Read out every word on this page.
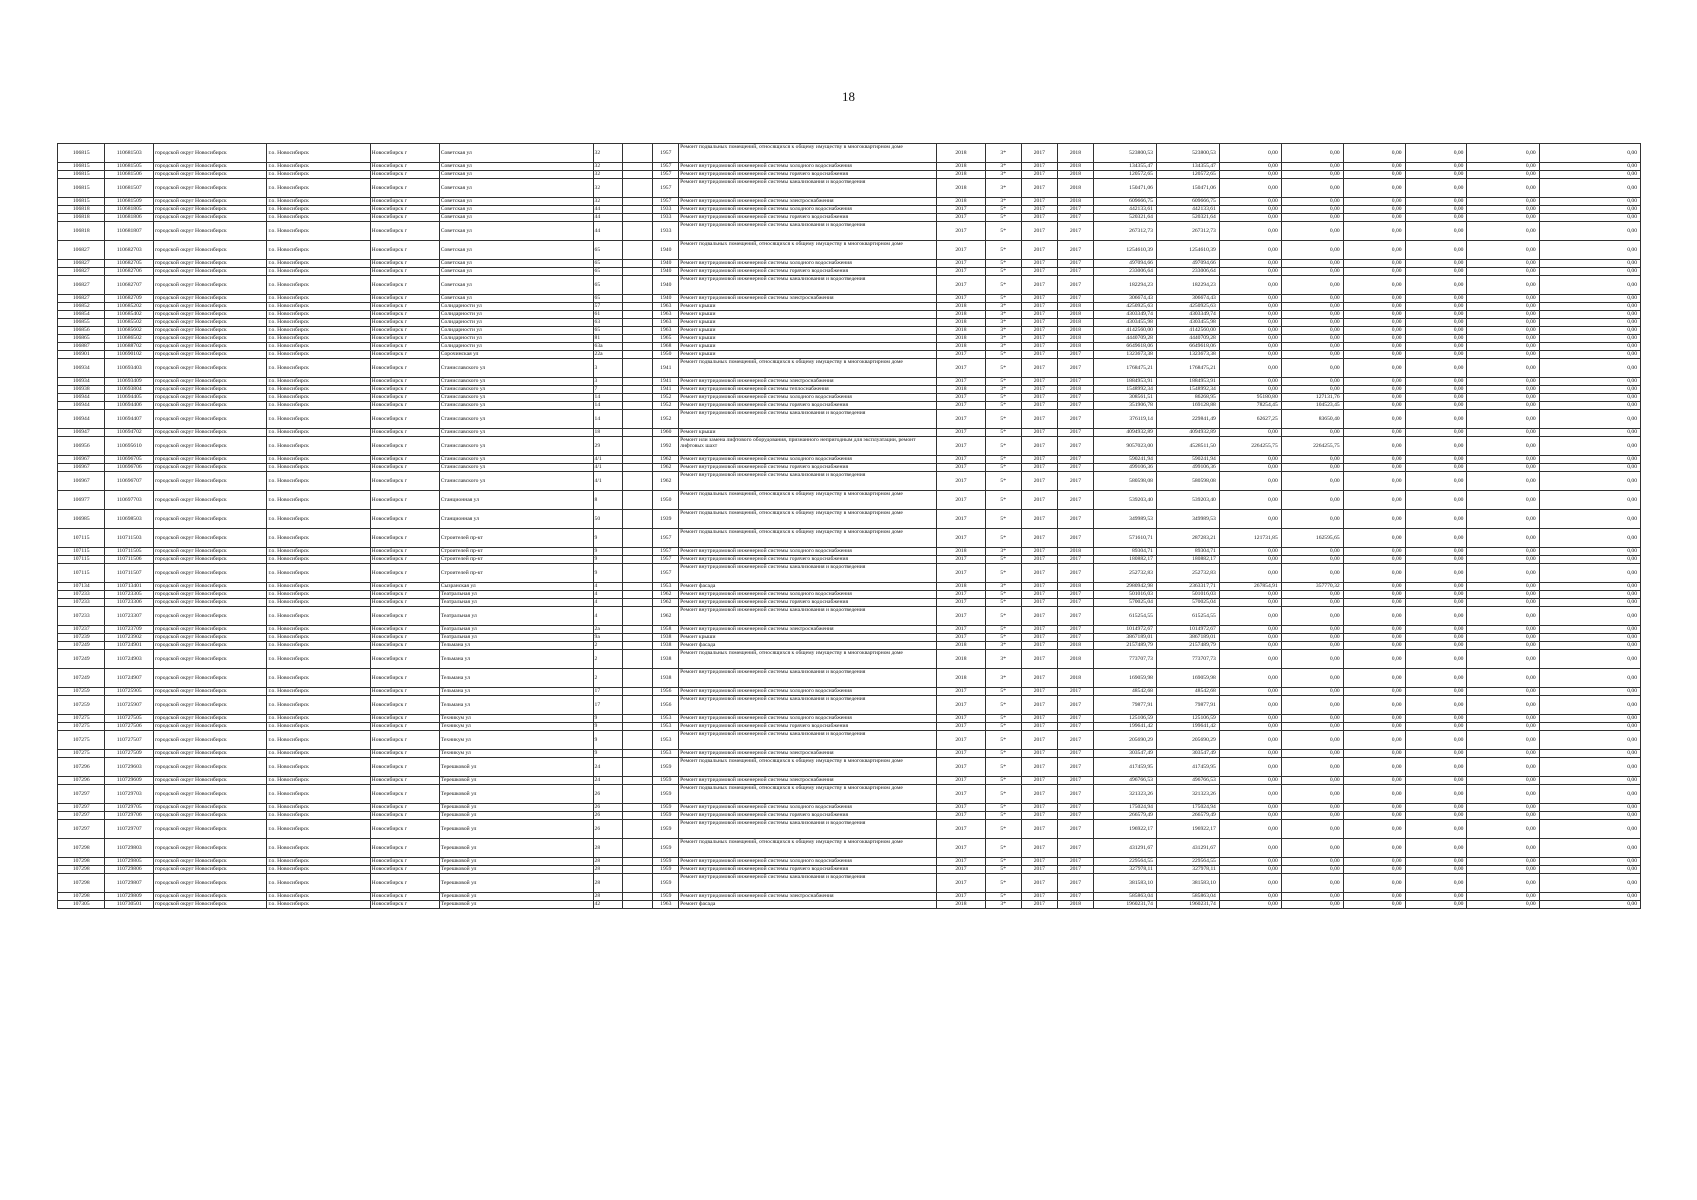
18
106815	110681503	городской округ Новосибирск	г.о. Новосибирск	Новосибирск г	Советская ул	32		1957	Ремонт подвальных помещений, относящихся к общему имуществу в многоквартирном доме	2018	3*	2017	2018	523800,53	523800,53	0,00	0,00	0,00	0,00	0,00	0,00
106815	110681505	городской округ Новосибирск	г.о. Новосибирск	Новосибирск г	Советская ул	32		1957	Ремонт внутридомовой инженерной системы холодного водоснабжения	2018	3*	2017	2018	134355,47	134355,47	0,00	0,00	0,00	0,00	0,00	0,00
106815	110681506	городской округ Новосибирск	г.о. Новосибирск	Новосибирск г	Советская ул	32		1957	Ремонт внутридомовой инженерной системы горячего водоснабжения	2018	3*	2017	2018	120572,65	120572,65	0,00	0,00	0,00	0,00	0,00	0,00
106815	110681507	городской округ Новосибирск	г.о. Новосибирск	Новосибирск г	Советская ул	32		1957	Ремонт внутридомовой инженерной системы канализования и водоотведения	2018	3*	2017	2018	150471,06	150471,06	0,00	0,00	0,00	0,00	0,00	0,00
106815	110681509	городской округ Новосибирск	г.о. Новосибирск	Новосибирск г	Советская ул	32		1957	Ремонт внутридомовой инженерной системы электроснабжения	2018	3*	2017	2018	609666,75	609666,75	0,00	0,00	0,00	0,00	0,00	0,00
106818	110681805	городской округ Новосибирск	г.о. Новосибирск	Новосибирск г	Советская ул	44		1933	Ремонт внутридомовой инженерной системы холодного водоснабжения	2017	5*	2017	2017	442133,61	442133,61	0,00	0,00	0,00	0,00	0,00	0,00
106818	110681806	городской округ Новосибирск	г.о. Новосибирск	Новосибирск г	Советская ул	44		1933	Ремонт внутридомовой инженерной системы горячего водоснабжения	2017	5*	2017	2017	520321,64	520321,64	0,00	0,00	0,00	0,00	0,00	0,00
106818	110681807	городской округ Новосибирск	г.о. Новосибирск	Новосибирск г	Советская ул	44		1933	Ремонт внутридомовой инженерной системы канализования и водоотведения	2017	5*	2017	2017	267312,73	267312,73	0,00	0,00	0,00	0,00	0,00	0,00
106827	110682703	городской округ Новосибирск	г.о. Новосибирск	Новосибирск г	Советская ул	65		1940	Ремонт подвальных помещений, относящихся к общему имуществу в многоквартирном доме	2017	5*	2017	2017	1254610,39	1254610,39	0,00	0,00	0,00	0,00	0,00	0,00
106827	110682705	городской округ Новосибирск	г.о. Новосибирск	Новосибирск г	Советская ул	65		1940	Ремонт внутридомовой инженерной системы холодного водоснабжения	2017	5*	2017	2017	497094,66	497094,66	0,00	0,00	0,00	0,00	0,00	0,00
106827	110682706	городской округ Новосибирск	г.о. Новосибирск	Новосибирск г	Советская ул	65		1940	Ремонт внутридомовой инженерной системы горячего водоснабжения	2017	5*	2017	2017	233006,64	233006,64	0,00	0,00	0,00	0,00	0,00	0,00
106827	110682707	городской округ Новосибирск	г.о. Новосибирск	Новосибирск г	Советская ул	65		1940	Ремонт внутридомовой инженерной системы канализования и водоотведения	2017	5*	2017	2017	182294,23	182294,23	0,00	0,00	0,00	0,00	0,00	0,00
106827	110682709	городской округ Новосибирск	г.о. Новосибирск	Новосибирск г	Советская ул	65		1940	Ремонт внутридомовой инженерной системы электроснабжения	2017	5*	2017	2017	306674,43	306674,43	0,00	0,00	0,00	0,00	0,00	0,00
106852	110685202	городской округ Новосибирск	г.о. Новосибирск	Новосибирск г	Солидарности ул	57		1963	Ремонт крыши	2018	3*	2017	2018	4250925,63	4250925,63	0,00	0,00	0,00	0,00	0,00	0,00
106854	110685402	городской округ Новосибирск	г.о. Новосибирск	Новосибирск г	Солидарности ул	61		1963	Ремонт крыши	2018	3*	2017	2018	4303349,74	4303349,74	0,00	0,00	0,00	0,00	0,00	0,00
106855	110685502	городской округ Новосибирск	г.о. Новосибирск	Новосибирск г	Солидарности ул	63		1963	Ремонт крыши	2018	3*	2017	2018	4303455,98	4303455,98	0,00	0,00	0,00	0,00	0,00	0,00
106856	110685602	городской округ Новосибирск	г.о. Новосибирск	Новосибирск г	Солидарности ул	65		1963	Ремонт крыши	2018	3*	2017	2018	4142560,00	4142560,00	0,00	0,00	0,00	0,00	0,00	0,00
106865	110686502	городской округ Новосибирск	г.о. Новосибирск	Новосибирск г	Солидарности ул	81		1965	Ремонт крыши	2018	3*	2017	2018	4440709,28	4440709,28	0,00	0,00	0,00	0,00	0,00	0,00
106887	110688702	городской округ Новосибирск	г.о. Новосибирск	Новосибирск г	Солидарности ул	63а		1968	Ремонт крыши	2018	3*	2017	2018	6649618,06	6649618,06	0,00	0,00	0,00	0,00	0,00	0,00
106901	110690102	городской округ Новосибирск	г.о. Новосибирск	Новосибирск г	Сорочинская ул	22а		1950	Ремонт крыши	2017	5*	2017	2017	1323673,38	1323673,38	0,00	0,00	0,00	0,00	0,00	0,00
106934	110693403	городской округ Новосибирск	г.о. Новосибирск	Новосибирск г	Станиславского ул	3		1941	Ремонт подвальных помещений, относящихся к общему имуществу в многоквартирном доме	2017	5*	2017	2017	1768475,21	1768475,21	0,00	0,00	0,00	0,00	0,00	0,00
106934	110693409	городской округ Новосибирск	г.о. Новосибирск	Новосибирск г	Станиславского ул	3		1941	Ремонт внутридомовой инженерной системы электроснабжения	2017	5*	2017	2017	1884953,91	1884953,91	0,00	0,00	0,00	0,00	0,00	0,00
106938	110693804	городской округ Новосибирск	г.о. Новосибирск	Новосибирск г	Станиславского ул	7		1941	Ремонт внутридомовой инженерной системы теплоснабжения	2018	3*	2017	2018	1548992,34	1548992,34	0,00	0,00	0,00	0,00	0,00	0,00
106944	110694405	городской округ Новосибирск	г.о. Новосибирск	Новосибирск г	Станиславского ул	14		1952	Ремонт внутридомовой инженерной системы холодного водоснабжения	2017	5*	2017	2017	308561,51	86268,95	95180,80	127131,76	0,00	0,00	0,00	0,00
106944	110694406	городской округ Новосибирск	г.о. Новосибирск	Новосибирск г	Станиславского ул	14		1952	Ремонт внутридомовой инженерной системы горячего водоснабжения	2017	5*	2017	2017	351906,78	169128,88	78254,45	104523,45	0,00	0,00	0,00	0,00
106944	110694407	городской округ Новосибирск	г.о. Новосибирск	Новосибирск г	Станиславского ул	14		1952	Ремонт внутридомовой инженерной системы канализования и водоотведения	2017	5*	2017	2017	376119,14	229841,49	62627,25	83650,40	0,00	0,00	0,00	0,00
106947	110694702	городской округ Новосибирск	г.о. Новосибирск	Новосибирск г	Станиславского ул	18		1960	Ремонт крыши	2017	5*	2017	2017	4094932,89	4094932,89	0,00	0,00	0,00	0,00	0,00	0,00
106956	110695610	городской округ Новосибирск	г.о. Новосибирск	Новосибирск г	Станиславского ул	29		1992	Ремонт или замена лифтового оборудования, признанного непригодным для эксплуатации, ремонт лифтовых шахт	2017	5*	2017	2017	9057023,00	4528511,50	2264255,75	2264255,75	0,00	0,00	0,00	0,00
106967	110696705	городской округ Новосибирск	г.о. Новосибирск	Новосибирск г	Станиславского ул	4/1		1962	Ремонт внутридомовой инженерной системы холодного водоснабжения	2017	5*	2017	2017	590241,94	590241,94	0,00	0,00	0,00	0,00	0,00	0,00
106967	110696706	городской округ Новосибирск	г.о. Новосибирск	Новосибирск г	Станиславского ул	4/1		1962	Ремонт внутридомовой инженерной системы горячего водоснабжения	2017	5*	2017	2017	499106,36	499106,36	0,00	0,00	0,00	0,00	0,00	0,00
106967	110696707	городской округ Новосибирск	г.о. Новосибирск	Новосибирск г	Станиславского ул	4/1		1962	Ремонт внутридомовой инженерной системы канализования и водоотведения	2017	5*	2017	2017	580598,08	580598,08	0,00	0,00	0,00	0,00	0,00	0,00
106977	110697703	городской округ Новосибирск	г.о. Новосибирск	Новосибирск г	Станционная ул	8		1950	Ремонт подвальных помещений, относящихся к общему имуществу в многоквартирном доме	2017	5*	2017	2017	539203,40	539203,40	0,00	0,00	0,00	0,00	0,00	0,00
106985	110698503	городской округ Новосибирск	г.о. Новосибирск	Новосибирск г	Станционная ул	50		1939	Ремонт подвальных помещений, относящихся к общему имуществу в многоквартирном доме	2017	5*	2017	2017	349989,53	349989,53	0,00	0,00	0,00	0,00	0,00	0,00
107115	110711503	городской округ Новосибирск	г.о. Новосибирск	Новосибирск г	Строителей пр-кт	9		1957	Ремонт подвальных помещений, относящихся к общему имуществу в многоквартирном доме	2017	5*	2017	2017	571610,71	287283,21	121731,85	162595,65	0,00	0,00	0,00	0,00
107115	110711505	городской округ Новосибирск	г.о. Новосибирск	Новосибирск г	Строителей пр-кт	9		1957	Ремонт внутридомовой инженерной системы холодного водоснабжения	2018	3*	2017	2018	89304,71	89304,71	0,00	0,00	0,00	0,00	0,00	0,00
107115	110711506	городской округ Новосибирск	г.о. Новосибирск	Новосибирск г	Строителей пр-кт	9		1957	Ремонт внутридомовой инженерной системы горячего водоснабжения	2017	5*	2017	2017	180882,17	180882,17	0,00	0,00	0,00	0,00	0,00	0,00
107115	110711507	городской округ Новосибирск	г.о. Новосибирск	Новосибирск г	Строителей пр-кт	9		1957	Ремонт внутридомовой инженерной системы канализования и водоотведения	2017	5*	2017	2017	252732,83	252732,83	0,00	0,00	0,00	0,00	0,00	0,00
107134	110713401	городской округ Новосибирск	г.о. Новосибирск	Новосибирск г	Сызранская ул	4		1953	Ремонт фасада	2018	3*	2017	2018	2980942,98	2363317,71	267854,91	357770,32	0,00	0,00	0,00	0,00
107233	110723305	городской округ Новосибирск	г.о. Новосибирск	Новосибирск г	Театральная ул	4		1962	Ремонт внутридомовой инженерной системы холодного водоснабжения	2017	5*	2017	2017	501016,03	501016,03	0,00	0,00	0,00	0,00	0,00	0,00
107233	110723306	городской округ Новосибирск	г.о. Новосибирск	Новосибирск г	Театральная ул	4		1962	Ремонт внутридомовой инженерной системы горячего водоснабжения	2017	5*	2017	2017	570025,04	570025,04	0,00	0,00	0,00	0,00	0,00	0,00
107233	110723307	городской округ Новосибирск	г.о. Новосибирск	Новосибирск г	Театральная ул	4		1962	Ремонт внутридомовой инженерной системы канализования и водоотведения	2017	5*	2017	2017	615254,55	615254,55	0,00	0,00	0,00	0,00	0,00	0,00
107237	110723709	городской округ Новосибирск	г.о. Новосибирск	Новосибирск г	Театральная ул	2а		1958	Ремонт внутридомовой инженерной системы электроснабжения	2017	5*	2017	2017	1014972,67	1014972,67	0,00	0,00	0,00	0,00	0,00	0,00
107239	110723902	городской округ Новосибирск	г.о. Новосибирск	Новосибирск г	Театральная ул	9а		1938	Ремонт крыши	2017	5*	2017	2017	3867189,01	3867189,01	0,00	0,00	0,00	0,00	0,00	0,00
107249	110724901	городской округ Новосибирск	г.о. Новосибирск	Новосибирск г	Тельмана ул	2		1938	Ремонт фасада	2018	3*	2017	2018	2157489,79	2157489,79	0,00	0,00	0,00	0,00	0,00	0,00
107249	110724903	городской округ Новосибирск	г.о. Новосибирск	Новосибирск г	Тельмана ул	2		1938	Ремонт подвальных помещений, относящихся к общему имуществу в многоквартирном доме	2018	3*	2017	2018	773707,73	773707,73	0,00	0,00	0,00	0,00	0,00	0,00
107249	110724907	городской округ Новосибирск	г.о. Новосибирск	Новосибирск г	Тельмана ул	2		1938	Ремонт внутридомовой инженерной системы канализования и водоотведения	2018	3*	2017	2018	169059,98	169059,98	0,00	0,00	0,00	0,00	0,00	0,00
107259	110725905	городской округ Новосибирск	г.о. Новосибирск	Новосибирск г	Тельмана ул	17		1956	Ремонт внутридомовой инженерной системы холодного водоснабжения	2017	5*	2017	2017	48542,68	48542,68	0,00	0,00	0,00	0,00	0,00	0,00
107259	110725907	городской округ Новосибирск	г.о. Новосибирск	Новосибирск г	Тельмана ул	17		1956	Ремонт внутридомовой инженерной системы канализования и водоотведения	2017	5*	2017	2017	79877,91	79877,91	0,00	0,00	0,00	0,00	0,00	0,00
107275	110727505	городской округ Новосибирск	г.о. Новосибирск	Новосибирск г	Техникум ул	9		1953	Ремонт внутридомовой инженерной системы холодного водоснабжения	2017	5*	2017	2017	125106,59	125106,59	0,00	0,00	0,00	0,00	0,00	0,00
107275	110727506	городской округ Новосибирск	г.о. Новосибирск	Новосибирск г	Техникум ул	9		1953	Ремонт внутридомовой инженерной системы горячего водоснабжения	2017	5*	2017	2017	199641,42	199641,42	0,00	0,00	0,00	0,00	0,00	0,00
107275	110727507	городской округ Новосибирск	г.о. Новосибирск	Новосибирск г	Техникум ул	9		1953	Ремонт внутридомовой инженерной системы канализования и водоотведения	2017	5*	2017	2017	205690,29	205690,29	0,00	0,00	0,00	0,00	0,00	0,00
107275	110727509	городской округ Новосибирск	г.о. Новосибирск	Новосибирск г	Техникум ул	9		1953	Ремонт внутридомовой инженерной системы электроснабжения	2017	5*	2017	2017	303547,49	303547,49	0,00	0,00	0,00	0,00	0,00	0,00
107296	110729603	городской округ Новосибирск	г.о. Новосибирск	Новосибирск г	Терешковой ул	24		1959	Ремонт подвальных помещений, относящихся к общему имуществу в многоквартирном доме	2017	5*	2017	2017	417459,95	417459,95	0,00	0,00	0,00	0,00	0,00	0,00
107296	110729609	городской округ Новосибирск	г.о. Новосибирск	Новосибирск г	Терешковой ул	24		1959	Ремонт внутридомовой инженерной системы электроснабжения	2017	5*	2017	2017	496766,53	496766,53	0,00	0,00	0,00	0,00	0,00	0,00
107297	110729703	городской округ Новосибирск	г.о. Новосибирск	Новосибирск г	Терешковой ул	26		1959	Ремонт подвальных помещений, относящихся к общему имуществу в многоквартирном доме	2017	5*	2017	2017	321323,26	321323,26	0,00	0,00	0,00	0,00	0,00	0,00
107297	110729705	городской округ Новосибирск	г.о. Новосибирск	Новосибирск г	Терешковой ул	26		1959	Ремонт внутридомовой инженерной системы холодного водоснабжения	2017	5*	2017	2017	175024,94	175024,94	0,00	0,00	0,00	0,00	0,00	0,00
107297	110729706	городской округ Новосибирск	г.о. Новосибирск	Новосибирск г	Терешковой ул	26		1959	Ремонт внутридомовой инженерной системы горячего водоснабжения	2017	5*	2017	2017	266579,49	266579,49	0,00	0,00	0,00	0,00	0,00	0,00
107297	110729707	городской округ Новосибирск	г.о. Новосибирск	Новосибирск г	Терешковой ул	26		1959	Ремонт внутридомовой инженерной системы канализования и водоотведения	2017	5*	2017	2017	196922,17	196922,17	0,00	0,00	0,00	0,00	0,00	0,00
107298	110729803	городской округ Новосибирск	г.о. Новосибирск	Новосибирск г	Терешковой ул	28		1959	Ремонт подвальных помещений, относящихся к общему имуществу в многоквартирном доме	2017	5*	2017	2017	431291,67	431291,67	0,00	0,00	0,00	0,00	0,00	0,00
107298	110729805	городской округ Новосибирск	г.о. Новосибирск	Новосибирск г	Терешковой ул	28		1959	Ремонт внутридомовой инженерной системы холодного водоснабжения	2017	5*	2017	2017	229564,55	229564,55	0,00	0,00	0,00	0,00	0,00	0,00
107298	110729806	городской округ Новосибирск	г.о. Новосибирск	Новосибирск г	Терешковой ул	28		1959	Ремонт внутридомовой инженерной системы горячего водоснабжения	2017	5*	2017	2017	327978,11	327978,11	0,00	0,00	0,00	0,00	0,00	0,00
107298	110729807	городской округ Новосибирск	г.о. Новосибирск	Новосибирск г	Терешковой ул	28		1959	Ремонт внутридомовой инженерной системы канализования и водоотведения	2017	5*	2017	2017	381583,10	381583,10	0,00	0,00	0,00	0,00	0,00	0,00
107298	110729809	городской округ Новосибирск	г.о. Новосибирск	Новосибирск г	Терешковой ул	28		1959	Ремонт внутридомовой инженерной системы электроснабжения	2017	5*	2017	2017	585863,04	585863,04	0,00	0,00	0,00	0,00	0,00	0,00
107305	110730501	городской округ Новосибирск	г.о. Новосибирск	Новосибирск г	Терешковой ул	42		1963	Ремонт фасада	2018	3*	2017	2018	1960231,74	1960231,74	0,00	0,00	0,00	0,00	0,00	0,00
